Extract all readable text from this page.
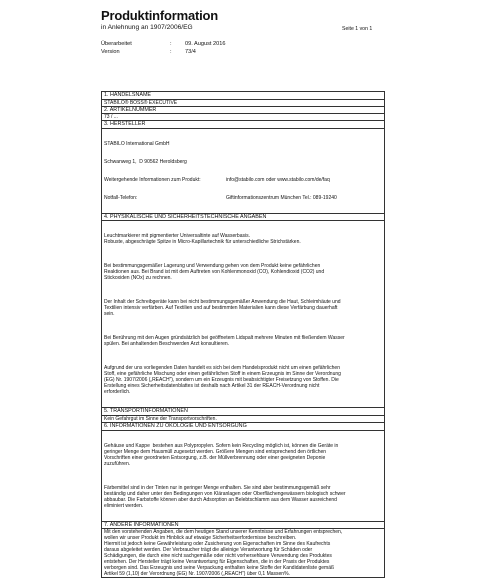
Produktinformation
in Anlehnung an 1907/2006/EG	Seite 1 von 1
Überarbeitet	:	09. August 2016
Version	:	73/4
1. HANDELSNAME
STABILO® BOSS® EXECUTIVE
2. ARTIKELNUMMER
73 / ...
3. HERSTELLER

STABILO International GmbH

Schwanweg 1,  D 90562 Heroldsberg

Weitergehende Informationen zum Produkt:	info@stabilo.com oder www.stabilo.com/de/faq

Notfall-Telefon:	Giftinformationszentrum München Tel.: 089-19240

4. PHYSIKALISCHE UND SICHERHEITSTECHNISCHE ANGABEN

Leuchtmarkierer mit pigmentierter Universaltinte auf Wasserbasis.
Robuste, abgeschrägte Spitze in Micro-Kapillartechnik für unterschiedliche Strichstärken.

Bei bestimmungsgemäßer Lagerung und Verwendung gehen von dem Produkt keine gefährlichen
Reaktionen aus. Bei Brand ist mit dem Auftreten von Kohlenmonoxid (CO), Kohlendioxid (CO2) und
Stickoxiden (NOx) zu rechnen.

Der Inhalt der Schreibgeräte kann bei nicht bestimmungsgemäßer Anwendung die Haut, Schleimhäute und
Textilien intensiv verfärben. Auf Textilien und auf bestimmten Materialien kann diese Verfärbung dauerhaft
sein.

Bei Berührung mit den Augen gründsätzlich bei geöffnetem Lidspalt mehrere Minuten mit fließendem Wasser
spülen. Bei anhaltenden Beschwerden Arzt konsultieren.

Aufgrund der uns vorliegenden Daten handelt es sich bei dem Handelsprodukt nicht um einen gefährlichen
Stoff, eine gefährliche Mischung oder einen gefährlichen Stoff in einem Erzeugnis im Sinne der Verordnung
(EG) Nr. 1907/2006 („REACH“), sondern um ein Erzeugnis mit beabsichtigter Freisetzung von Stoffen. Die
Erstellung eines Sicherheitsdatenblattes ist deshalb nach Artikel 31 der REACH-Verordnung nicht
erforderlich.

5. TRANSPORTINFORMATIONEN
Kein Gefahrgut im Sinne der Transportvorschriften.
6. INFORMATIONEN ZU ÖKOLOGIE UND ENTSORGUNG

Gehäuse und Kappe  bestehen aus Polypropylen. Sofern kein Recycling möglich ist, können die Geräte in
geringer Menge dem Hausmüll zugesetzt werden. Größere Mengen sind entsprechend den örtlichen
Vorschriften einer geordneten Entsorgung, z.B. der Müllverbrennung oder einer geeigneten Deponie
zuzuführen.

Färbemittel sind in der Tinten nur in geringer Menge enthalten. Sie sind aber bestimmungsgemäß sehr
beständig und daher unter den Bedingungen von Kläranlagen oder Oberflächengewässern biologisch schwer
abbaubar. Die Farbstoffe können aber durch Adsorption an Belebtschlamm aus dem Wasser ausreichend
eliminiert werden.

7. ANDERE INFORMATIONEN
Mit den vorstehenden Angaben, die dem heutigen Stand unserer Kenntnisse und Erfahrungen entsprechen,
wollen wir unser Produkt im Hinblick auf etwaige Sicherheitserfordernisse beschreiben.
Hiermit ist jedoch keine Gewährleistung oder Zusicherung von Eigenschaften im Sinne des Kaufrechts
daraus abgeleitet werden. Der Verbraucher trägt die alleinige Verantwortung für Schäden oder
Schädigungen, die durch eine nicht sachgemäße oder nicht vorhersehbare Verwendung des Produktes
entstehen. Der Hersteller trägt keine Verantwortung für Eigenschaften, die in der Praxis der Produktes
verborgen sind. Das Erzeugnis und seine Verpackung enthalten keine Stoffe der Kandidatenliste gemäß
Artikel 59 (1,10) der Verordnung (EG) Nr. 1907/2006 („REACH“) über 0,1 Massen%.
